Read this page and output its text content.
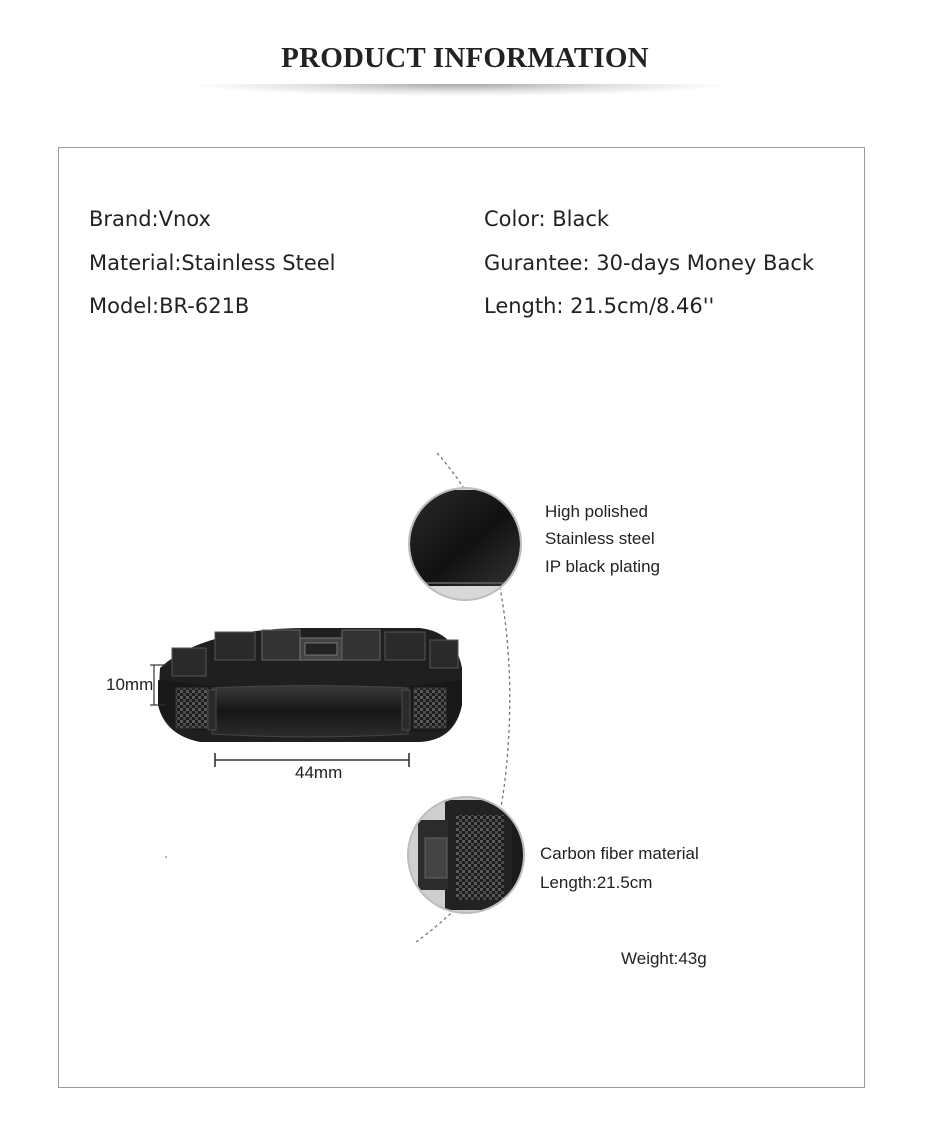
PRODUCT INFORMATION
Brand:Vnox
Material:Stainless Steel
Model:BR-621B
Color: Black
Gurantee: 30-days Money Back
Length: 21.5cm/8.46''
10mm
44mm
High polished
Stainless steel
IP black plating
Carbon fiber material
Length:21.5cm
Weight:43g
